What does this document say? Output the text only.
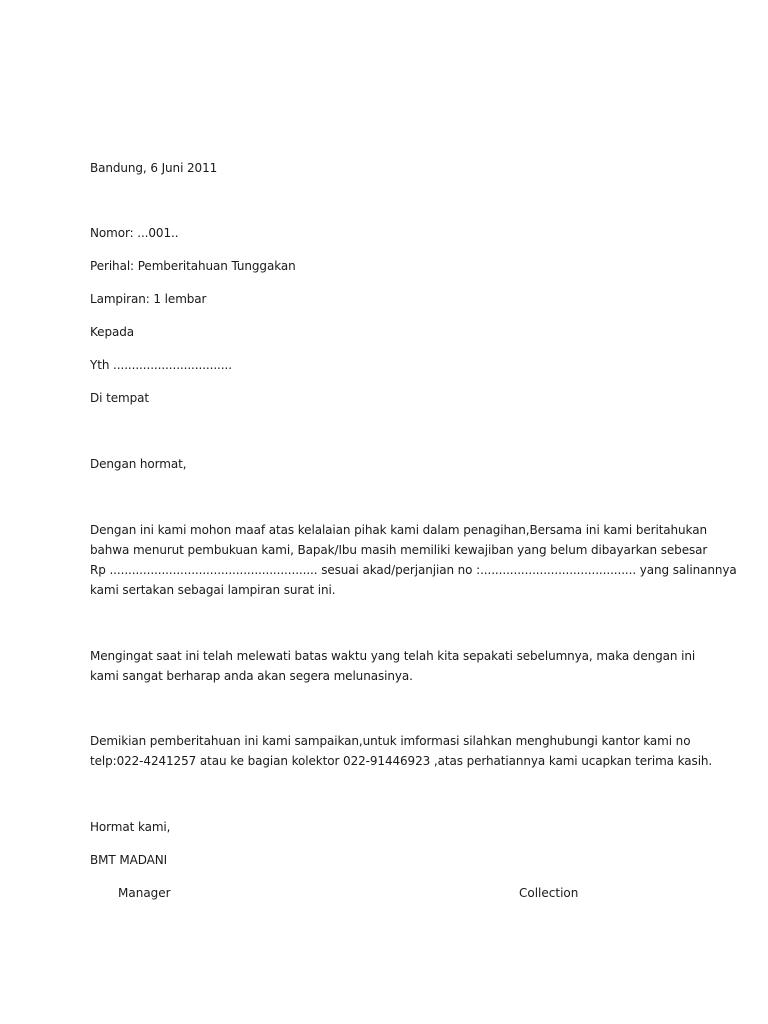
Bandung, 6 Juni 2011
Nomor: ...001..
Perihal: Pemberitahuan Tunggakan
Lampiran: 1 lembar
Kepada
Yth ................................
Di tempat
Dengan hormat,
Dengan ini kami mohon maaf atas kelalaian pihak kami dalam penagihan,Bersama ini kami beritahukan
bahwa menurut pembukuan kami, Bapak/Ibu masih memiliki kewajiban yang belum dibayarkan sebesar
Rp ........................................................ sesuai akad/perjanjian no :.......................................... yang salinannya
kami sertakan sebagai lampiran surat ini.
Mengingat saat ini telah melewati batas waktu yang telah kita sepakati sebelumnya, maka dengan ini
kami sangat berharap anda akan segera melunasinya.
Demikian pemberitahuan ini kami sampaikan,untuk imformasi silahkan menghubungi kantor kami no
telp:022-4241257 atau ke bagian kolektor 022-91446923 ,atas perhatiannya kami ucapkan terima kasih.
Hormat kami,
BMT MADANI
Manager	Collection
